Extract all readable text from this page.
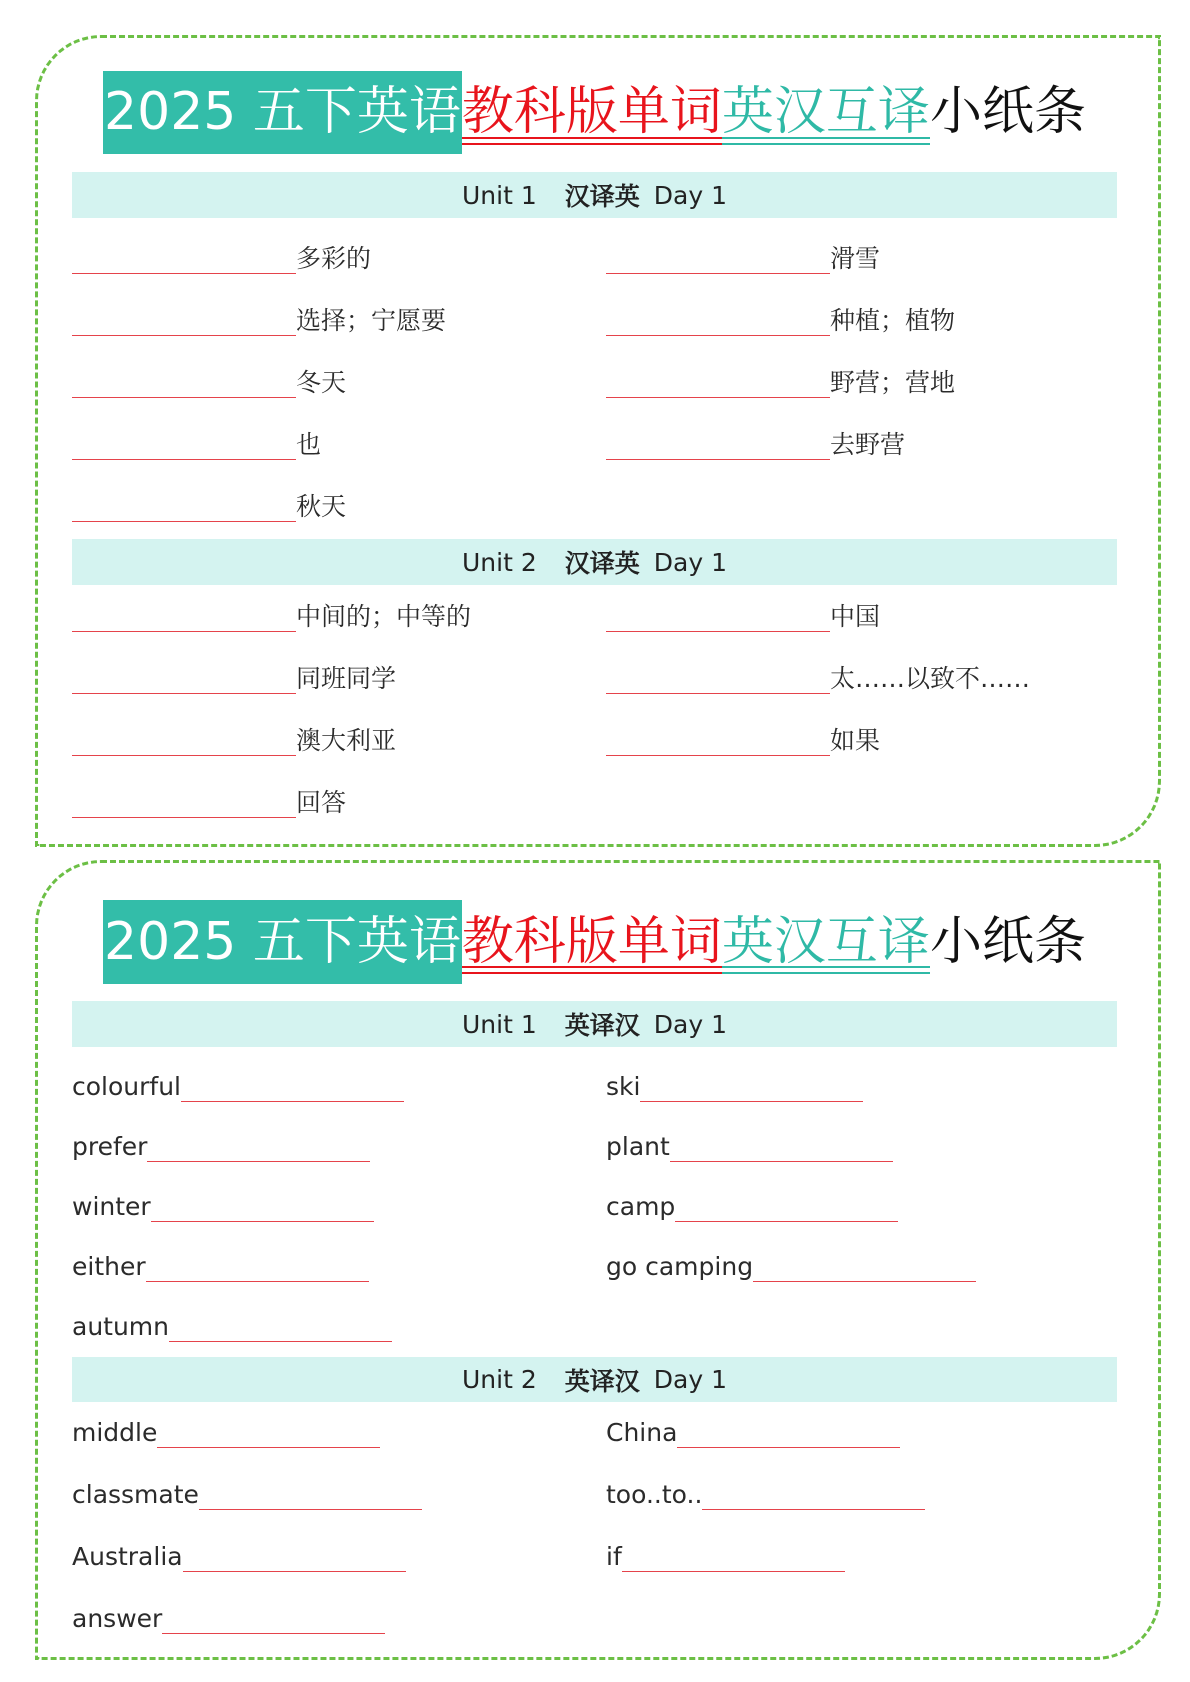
2025 五下英语 教科版单词 英汉互译 小纸条
Unit 1 汉译英 Day 1
多彩的	滑雪
选择；宁愿要	种植；植物
冬天	野营；营地
也	去野营
秋天
Unit 2 汉译英 Day 1
中间的；中等的	中国
同班同学	太……以致不……
澳大利亚	如果
回答
2025 五下英语 教科版单词 英汉互译 小纸条
Unit 1 英译汉 Day 1
colourful	ski
prefer	plant
winter	camp
either	go camping
autumn
Unit 2 英译汉 Day 1
middle	China
classmate	too..to..
Australia	if
answer
